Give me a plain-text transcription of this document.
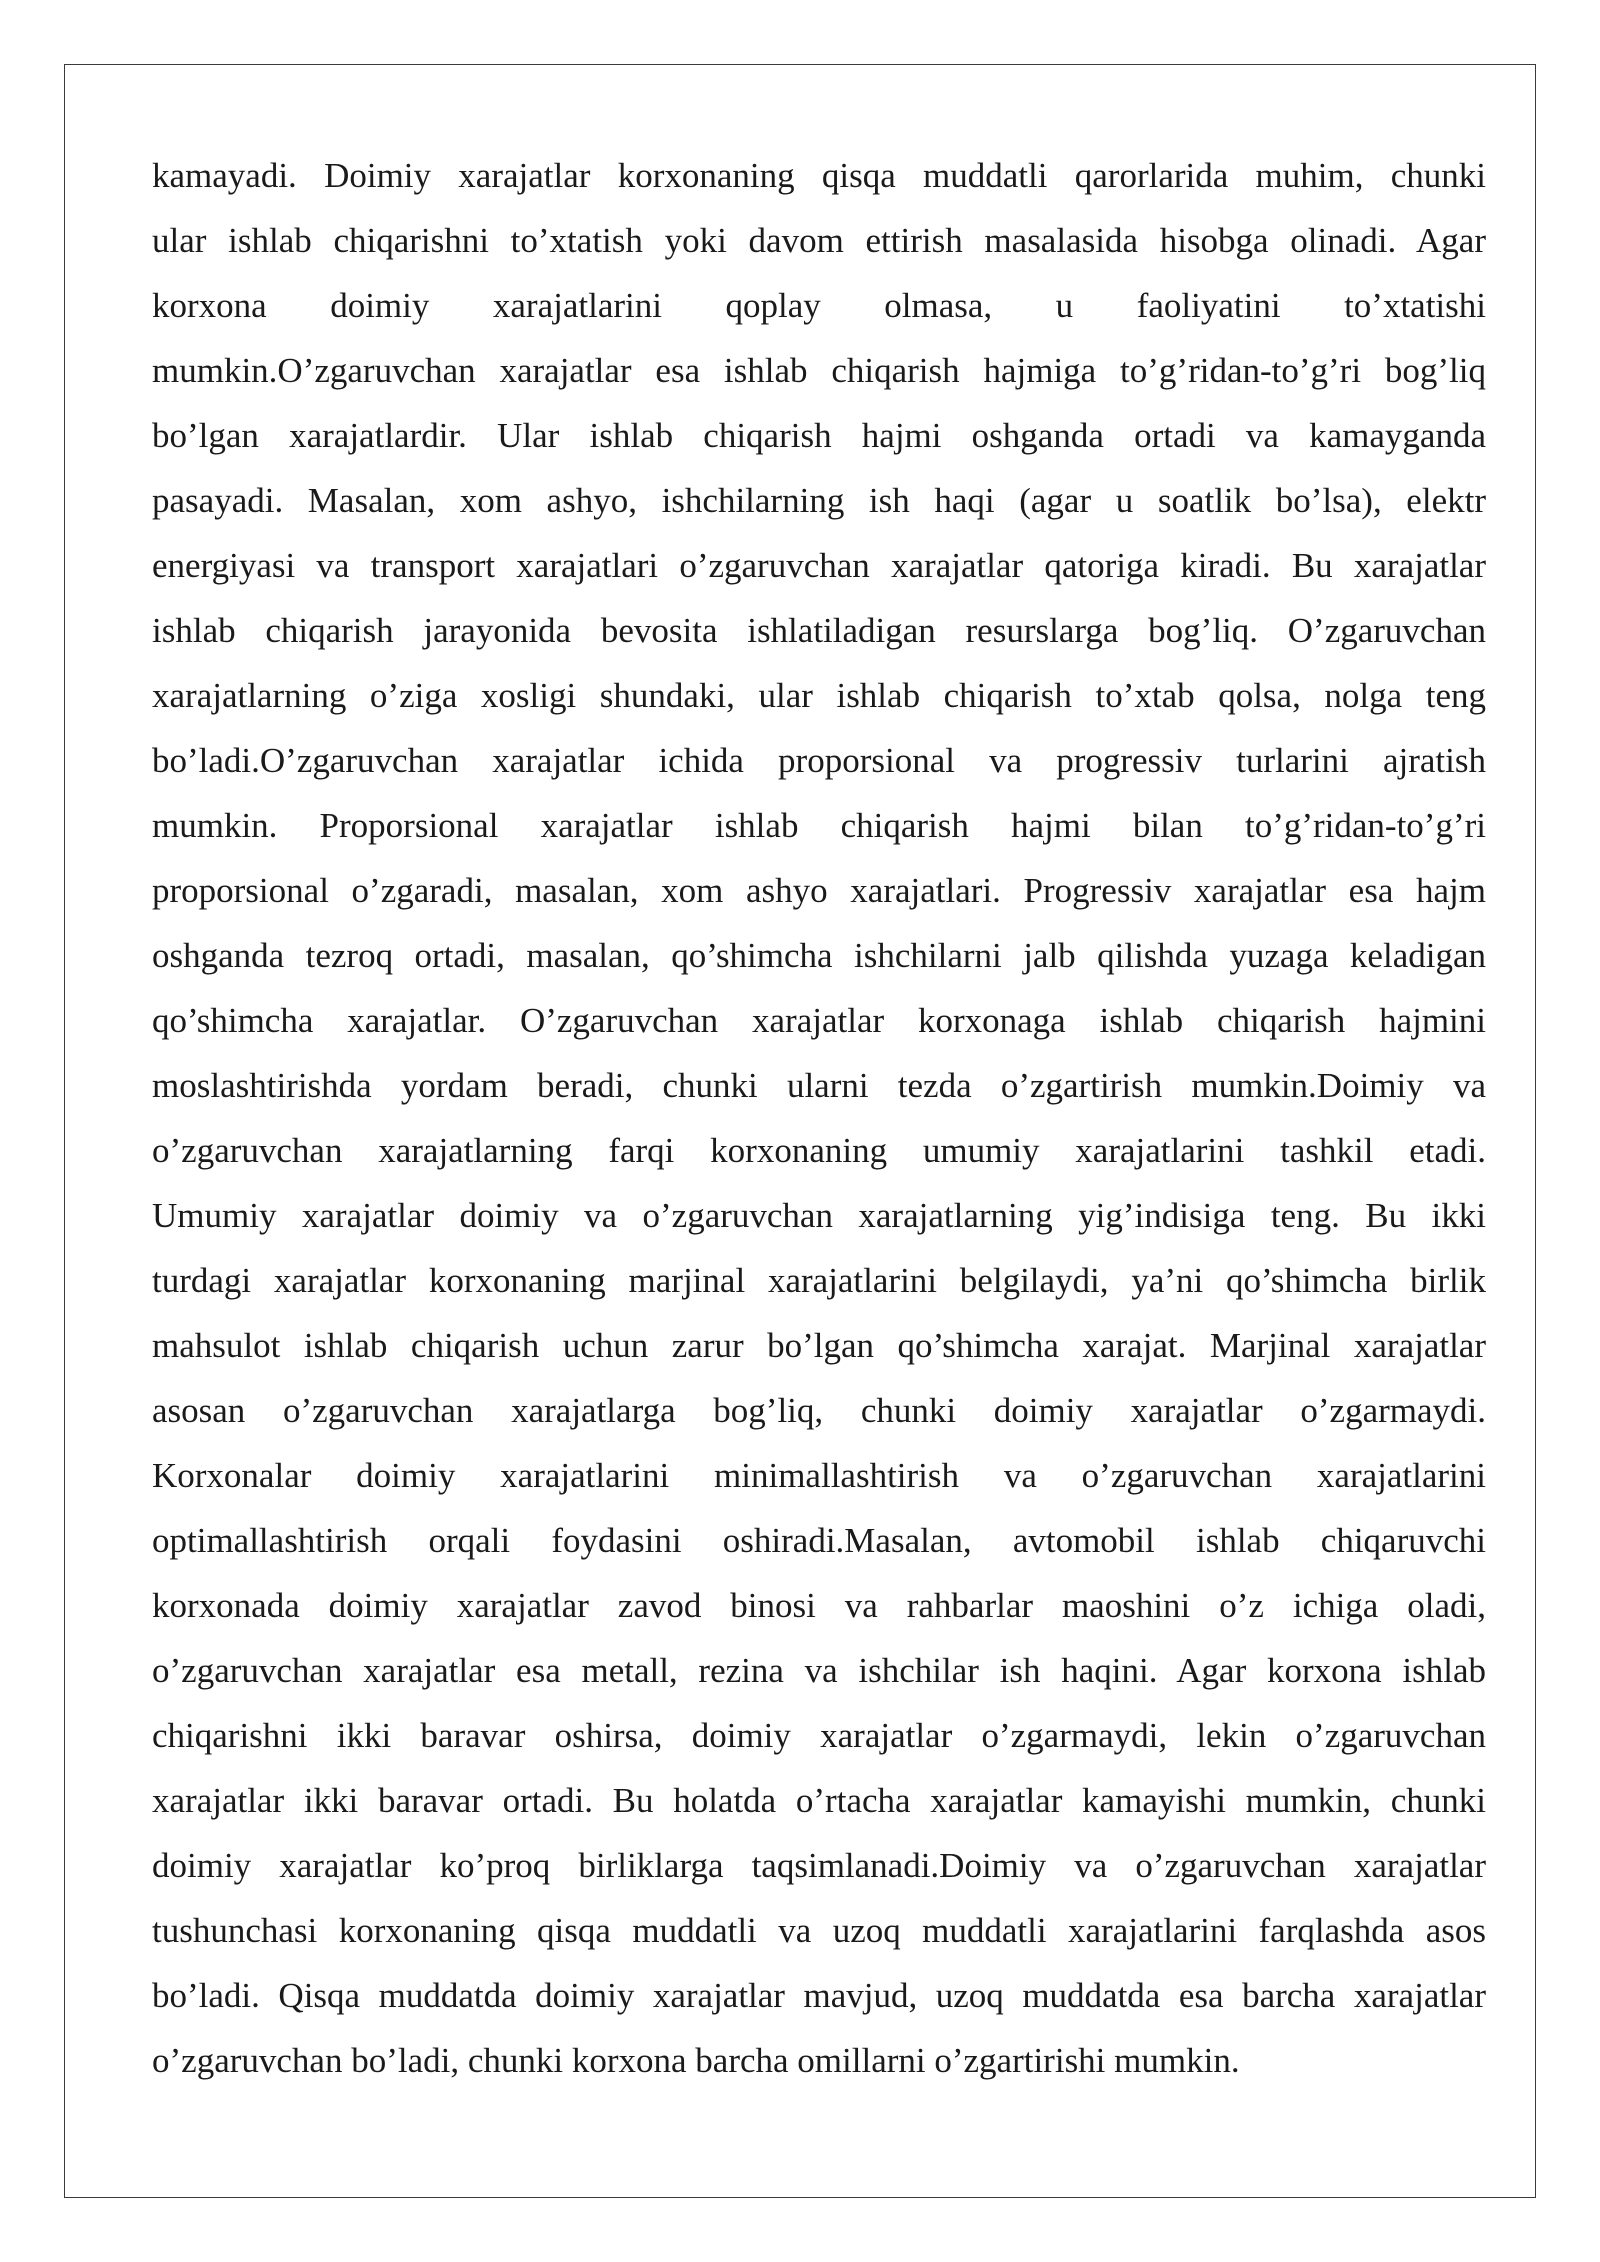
kamayadi. Doimiy xarajatlar korxonaning qisqa muddatli qarorlarida muhim, chunki
ular ishlab chiqarishni to’xtatish yoki davom ettirish masalasida hisobga olinadi. Agar
korxona doimiy xarajatlarini qoplay olmasa, u faoliyatini to’xtatishi
mumkin.O’zgaruvchan xarajatlar esa ishlab chiqarish hajmiga to’g’ridan-to’g’ri bog’liq
bo’lgan xarajatlardir. Ular ishlab chiqarish hajmi oshganda ortadi va kamayganda
pasayadi. Masalan, xom ashyo, ishchilarning ish haqi (agar u soatlik bo’lsa), elektr
energiyasi va transport xarajatlari o’zgaruvchan xarajatlar qatoriga kiradi. Bu xarajatlar
ishlab chiqarish jarayonida bevosita ishlatiladigan resurslarga bog’liq. O’zgaruvchan
xarajatlarning o’ziga xosligi shundaki, ular ishlab chiqarish to’xtab qolsa, nolga teng
bo’ladi.O’zgaruvchan xarajatlar ichida proporsional va progressiv turlarini ajratish
mumkin. Proporsional xarajatlar ishlab chiqarish hajmi bilan to’g’ridan-to’g’ri
proporsional o’zgaradi, masalan, xom ashyo xarajatlari. Progressiv xarajatlar esa hajm
oshganda tezroq ortadi, masalan, qo’shimcha ishchilarni jalb qilishda yuzaga keladigan
qo’shimcha xarajatlar. O’zgaruvchan xarajatlar korxonaga ishlab chiqarish hajmini
moslashtirishda yordam beradi, chunki ularni tezda o’zgartirish mumkin.Doimiy va
o’zgaruvchan xarajatlarning farqi korxonaning umumiy xarajatlarini tashkil etadi.
Umumiy xarajatlar doimiy va o’zgaruvchan xarajatlarning yig’indisiga teng. Bu ikki
turdagi xarajatlar korxonaning marjinal xarajatlarini belgilaydi, ya’ni qo’shimcha birlik
mahsulot ishlab chiqarish uchun zarur bo’lgan qo’shimcha xarajat. Marjinal xarajatlar
asosan o’zgaruvchan xarajatlarga bog’liq, chunki doimiy xarajatlar o’zgarmaydi.
Korxonalar doimiy xarajatlarini minimallashtirish va o’zgaruvchan xarajatlarini
optimallashtirish orqali foydasini oshiradi.Masalan, avtomobil ishlab chiqaruvchi
korxonada doimiy xarajatlar zavod binosi va rahbarlar maoshini o’z ichiga oladi,
o’zgaruvchan xarajatlar esa metall, rezina va ishchilar ish haqini. Agar korxona ishlab
chiqarishni ikki baravar oshirsa, doimiy xarajatlar o’zgarmaydi, lekin o’zgaruvchan
xarajatlar ikki baravar ortadi. Bu holatda o’rtacha xarajatlar kamayishi mumkin, chunki
doimiy xarajatlar ko’proq birliklarga taqsimlanadi.Doimiy va o’zgaruvchan xarajatlar
tushunchasi korxonaning qisqa muddatli va uzoq muddatli xarajatlarini farqlashda asos
bo’ladi. Qisqa muddatda doimiy xarajatlar mavjud, uzoq muddatda esa barcha xarajatlar
o’zgaruvchan bo’ladi, chunki korxona barcha omillarni o’zgartirishi mumkin.
